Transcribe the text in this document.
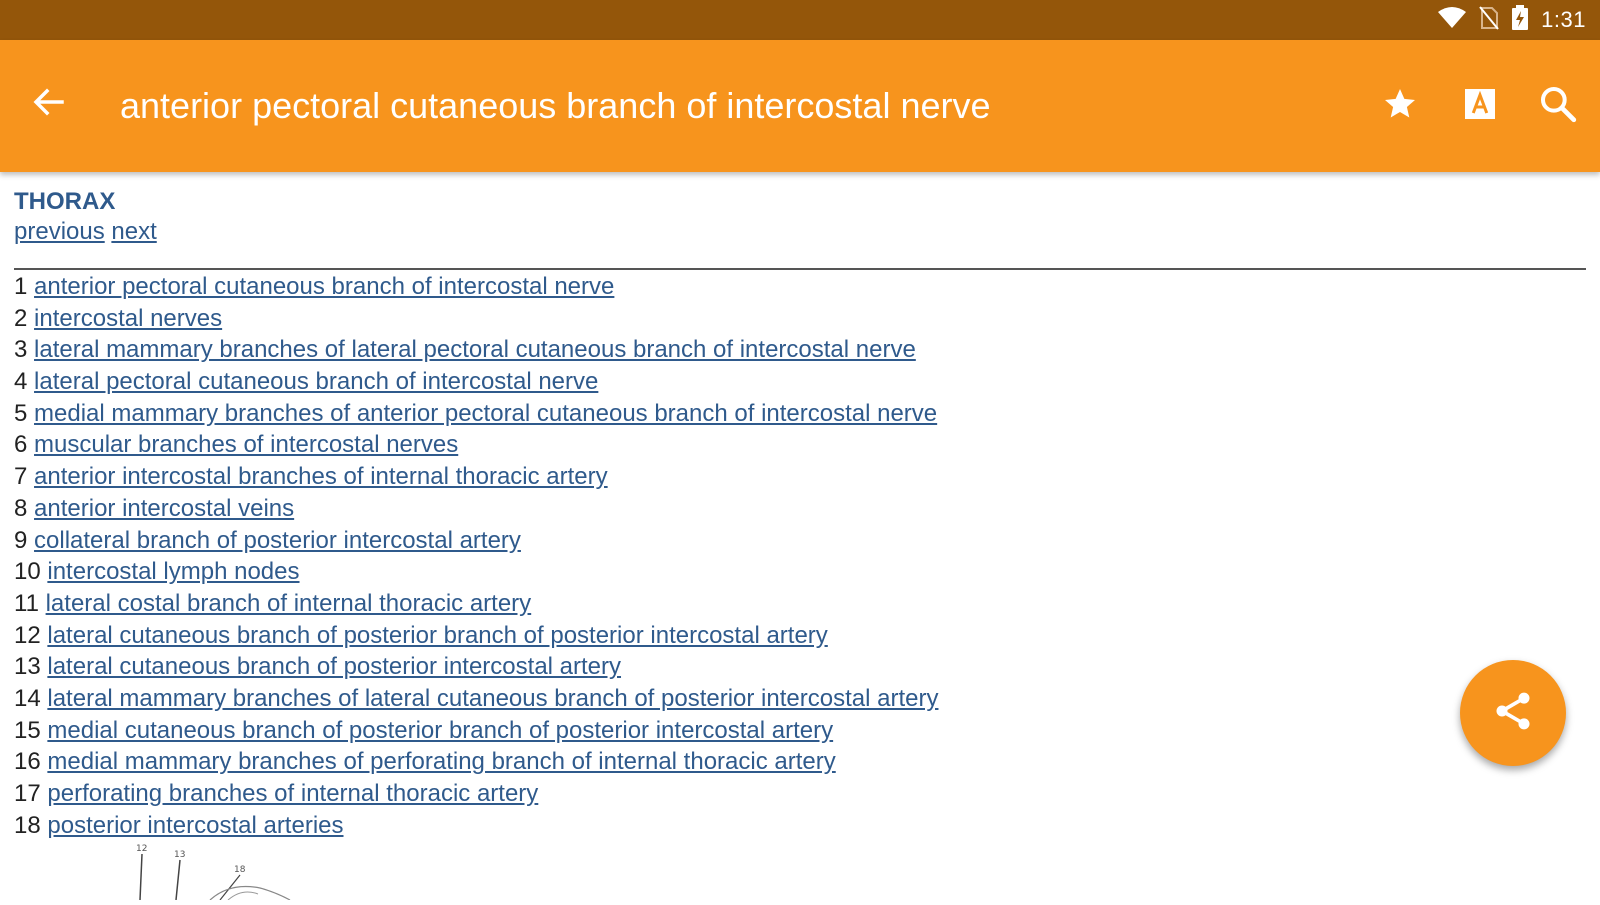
1:31
anterior pectoral cutaneous branch of intercostal nerve
THORAX
previous next
1 anterior pectoral cutaneous branch of intercostal nerve
2 intercostal nerves
3 lateral mammary branches of lateral pectoral cutaneous branch of intercostal nerve
4 lateral pectoral cutaneous branch of intercostal nerve
5 medial mammary branches of anterior pectoral cutaneous branch of intercostal nerve
6 muscular branches of intercostal nerves
7 anterior intercostal branches of internal thoracic artery
8 anterior intercostal veins
9 collateral branch of posterior intercostal artery
10 intercostal lymph nodes
11 lateral costal branch of internal thoracic artery
12 lateral cutaneous branch of posterior branch of posterior intercostal artery
13 lateral cutaneous branch of posterior intercostal artery
14 lateral mammary branches of lateral cutaneous branch of posterior intercostal artery
15 medial cutaneous branch of posterior branch of posterior intercostal artery
16 medial mammary branches of perforating branch of internal thoracic artery
17 perforating branches of internal thoracic artery
18 posterior intercostal arteries
12
13
18
